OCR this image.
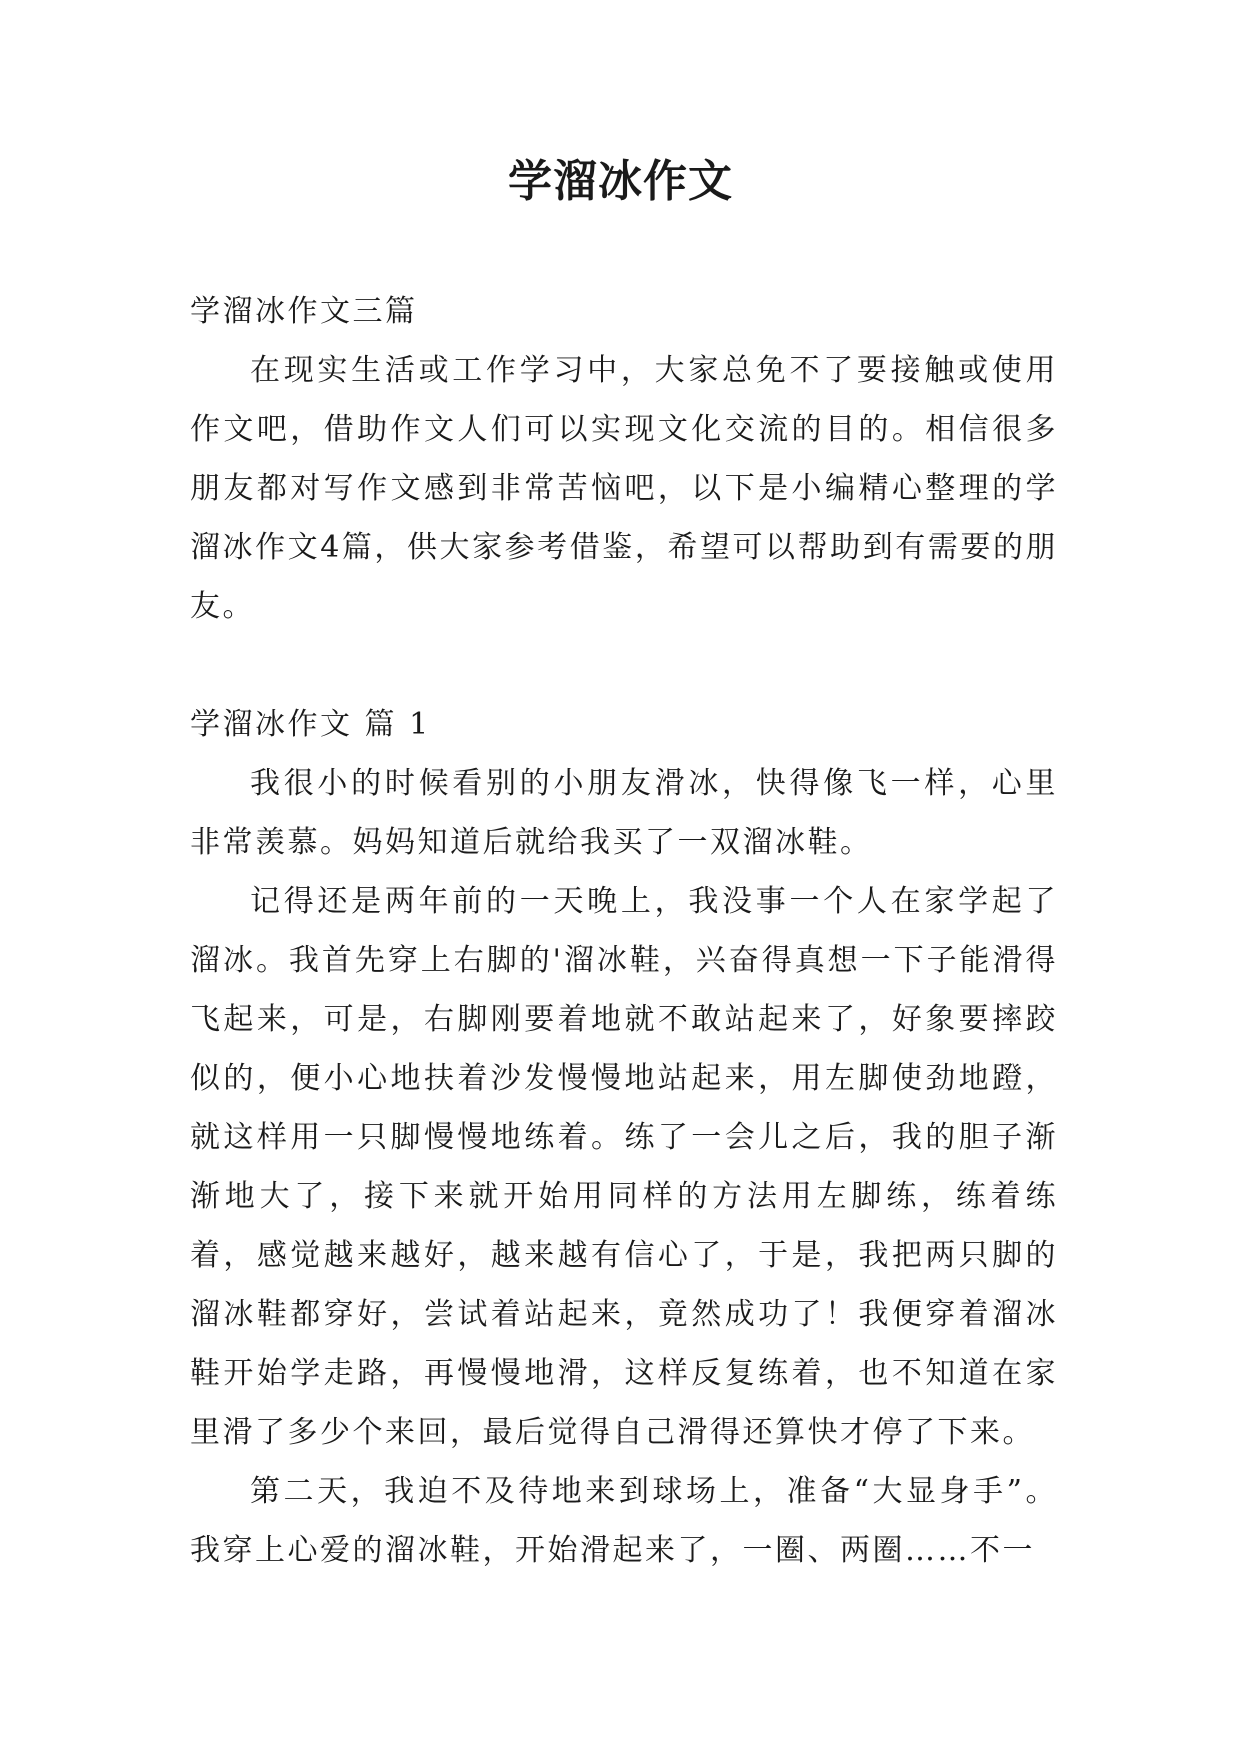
学溜冰作文

学溜冰作文三篇

在现实生活或工作学习中，大家总免不了要接触或使用作文吧，借助作文人们可以实现文化交流的目的。相信很多朋友都对写作文感到非常苦恼吧，以下是小编精心整理的学溜冰作文4篇，供大家参考借鉴，希望可以帮助到有需要的朋友。

学溜冰作文 篇 1

我很小的时候看别的小朋友滑冰，快得像飞一样，心里非常羡慕。妈妈知道后就给我买了一双溜冰鞋。

记得还是两年前的一天晚上，我没事一个人在家学起了溜冰。我首先穿上右脚的'溜冰鞋，兴奋得真想一下子能滑得飞起来，可是，右脚刚要着地就不敢站起来了，好象要摔跤似的，便小心地扶着沙发慢慢地站起来，用左脚使劲地蹬，就这样用一只脚慢慢地练着。练了一会儿之后，我的胆子渐渐地大了，接下来就开始用同样的方法用左脚练，练着练着，感觉越来越好，越来越有信心了，于是，我把两只脚的溜冰鞋都穿好，尝试着站起来，竟然成功了！我便穿着溜冰鞋开始学走路，再慢慢地滑，这样反复练着，也不知道在家里滑了多少个来回，最后觉得自己滑得还算快才停了下来。

第二天，我迫不及待地来到球场上，准备“大显身手”。我穿上心爱的溜冰鞋，开始滑起来了，一圈、两圈……不一
